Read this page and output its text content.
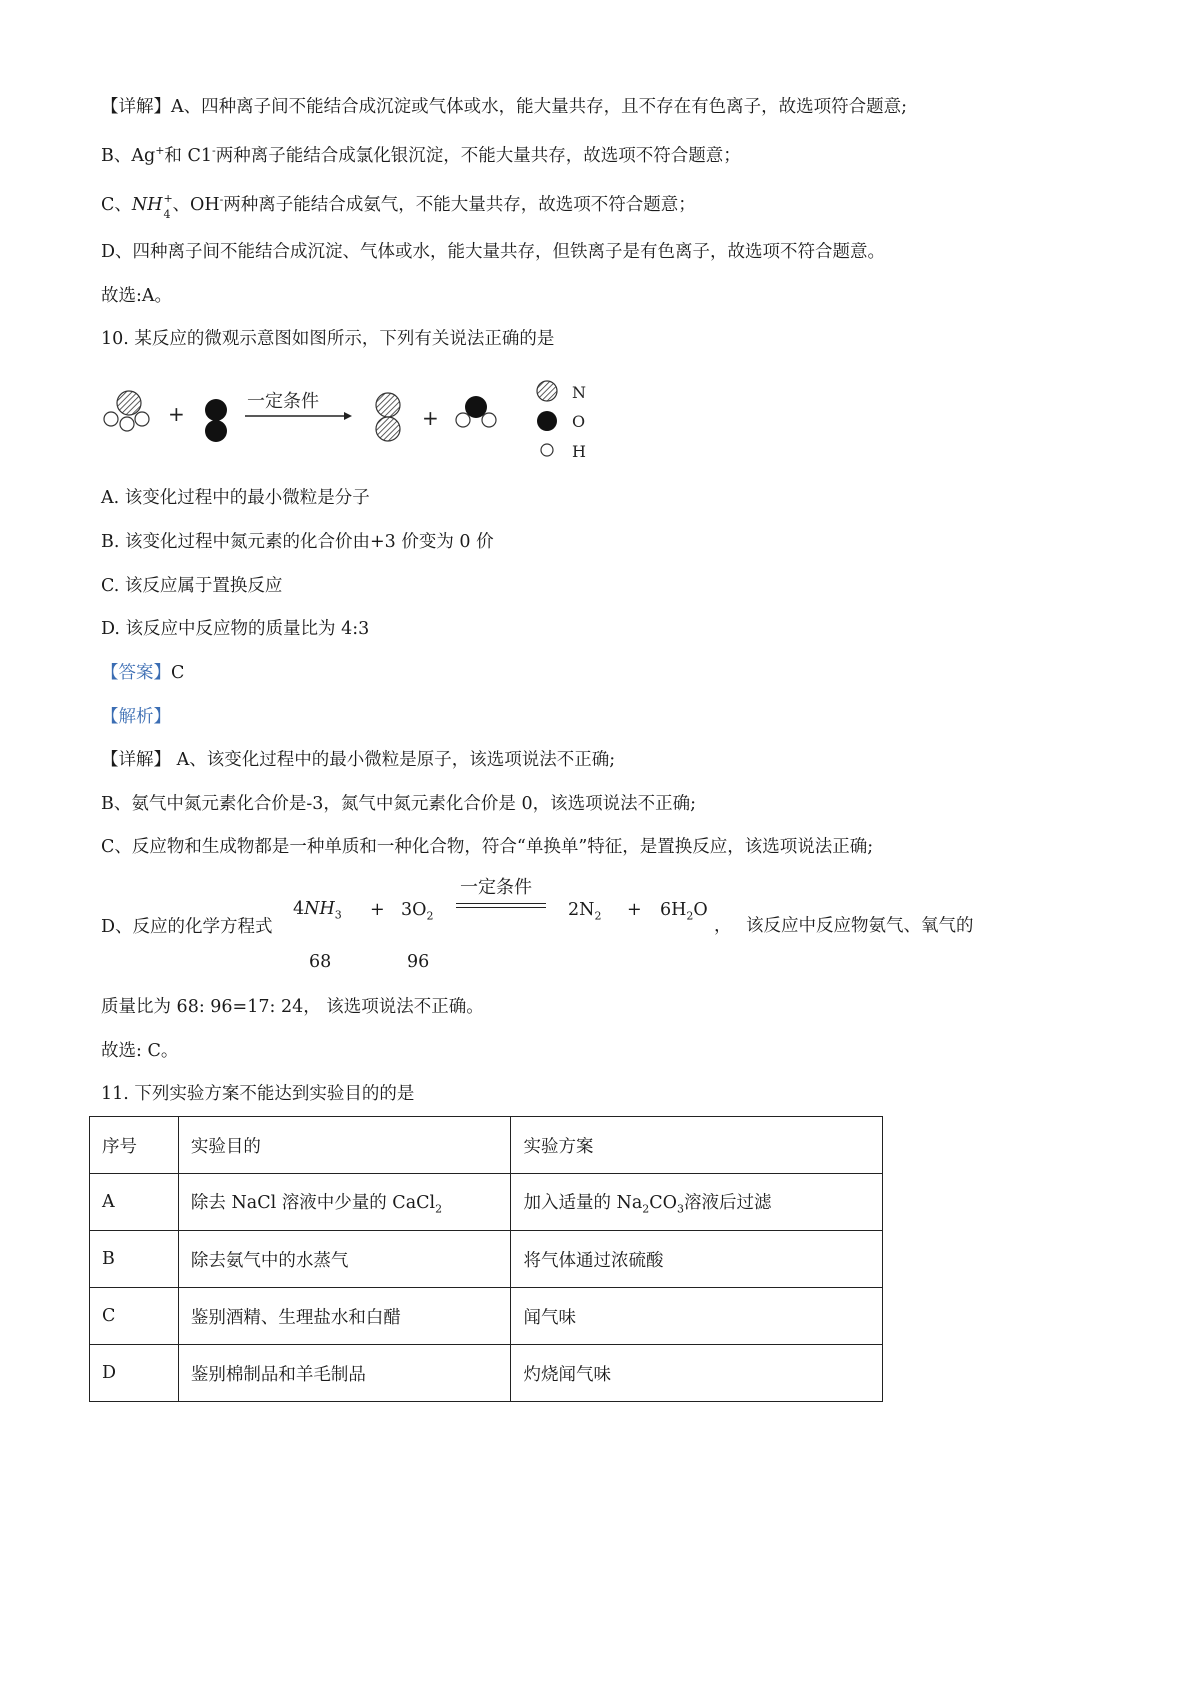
【详解】A、四种离子间不能结合成沉淀或气体或水，能大量共存，且不存在有色离子，故选项符合题意;
B、Ag+和 C1-两种离子能结合成氯化银沉淀，不能大量共存，故选项不符合题意；
C、NH +
4 、OH-两种离子能结合成氨气，不能大量共存，故选项不符合题意；
D、四种离子间不能结合成沉淀、气体或水，能大量共存，但铁离子是有色离子，故选项不符合题意。
故选:A。
10. 某反应的微观示意图如图所示，下列有关说法正确的是
+
一定条件
+
N
O
H
A. 该变化过程中的最小微粒是分子
B. 该变化过程中氮元素的化合价由+3 价变为 0 价
C. 该反应属于置换反应
D. 该反应中反应物的质量比为 4:3
【答案】C
【解析】
【详解】 A、该变化过程中的最小微粒是原子，该选项说法不正确;
B、氨气中氮元素化合价是-3，氮气中氮元素化合价是 0，该选项说法不正确;
C、反应物和生成物都是一种单质和一种化合物，符合“单换单”特征，是置换反应，该选项说法正确;
D、反应的化学方程式
$4NH_3 + 3O_2$
一定条件
$2N_2 + 6H_2O$
， 该反应中反应物氨气、氧气的
68	96
质量比为 68: 96=17: 24， 该选项说法不正确。
故选: C。
11. 下列实验方案不能达到实验目的的是
序号	实验目的	实验方案
A	除去 NaCl 溶液中少量的 CaCl$_2$	加入适量的 $Na_2CO_3$溶液后过滤
B	除去氨气中的水蒸气	将气体通过浓硫酸
C	鉴别酒精、生理盐水和白醋	闻气味
D	鉴别棉制品和羊毛制品	灼烧闻气味
